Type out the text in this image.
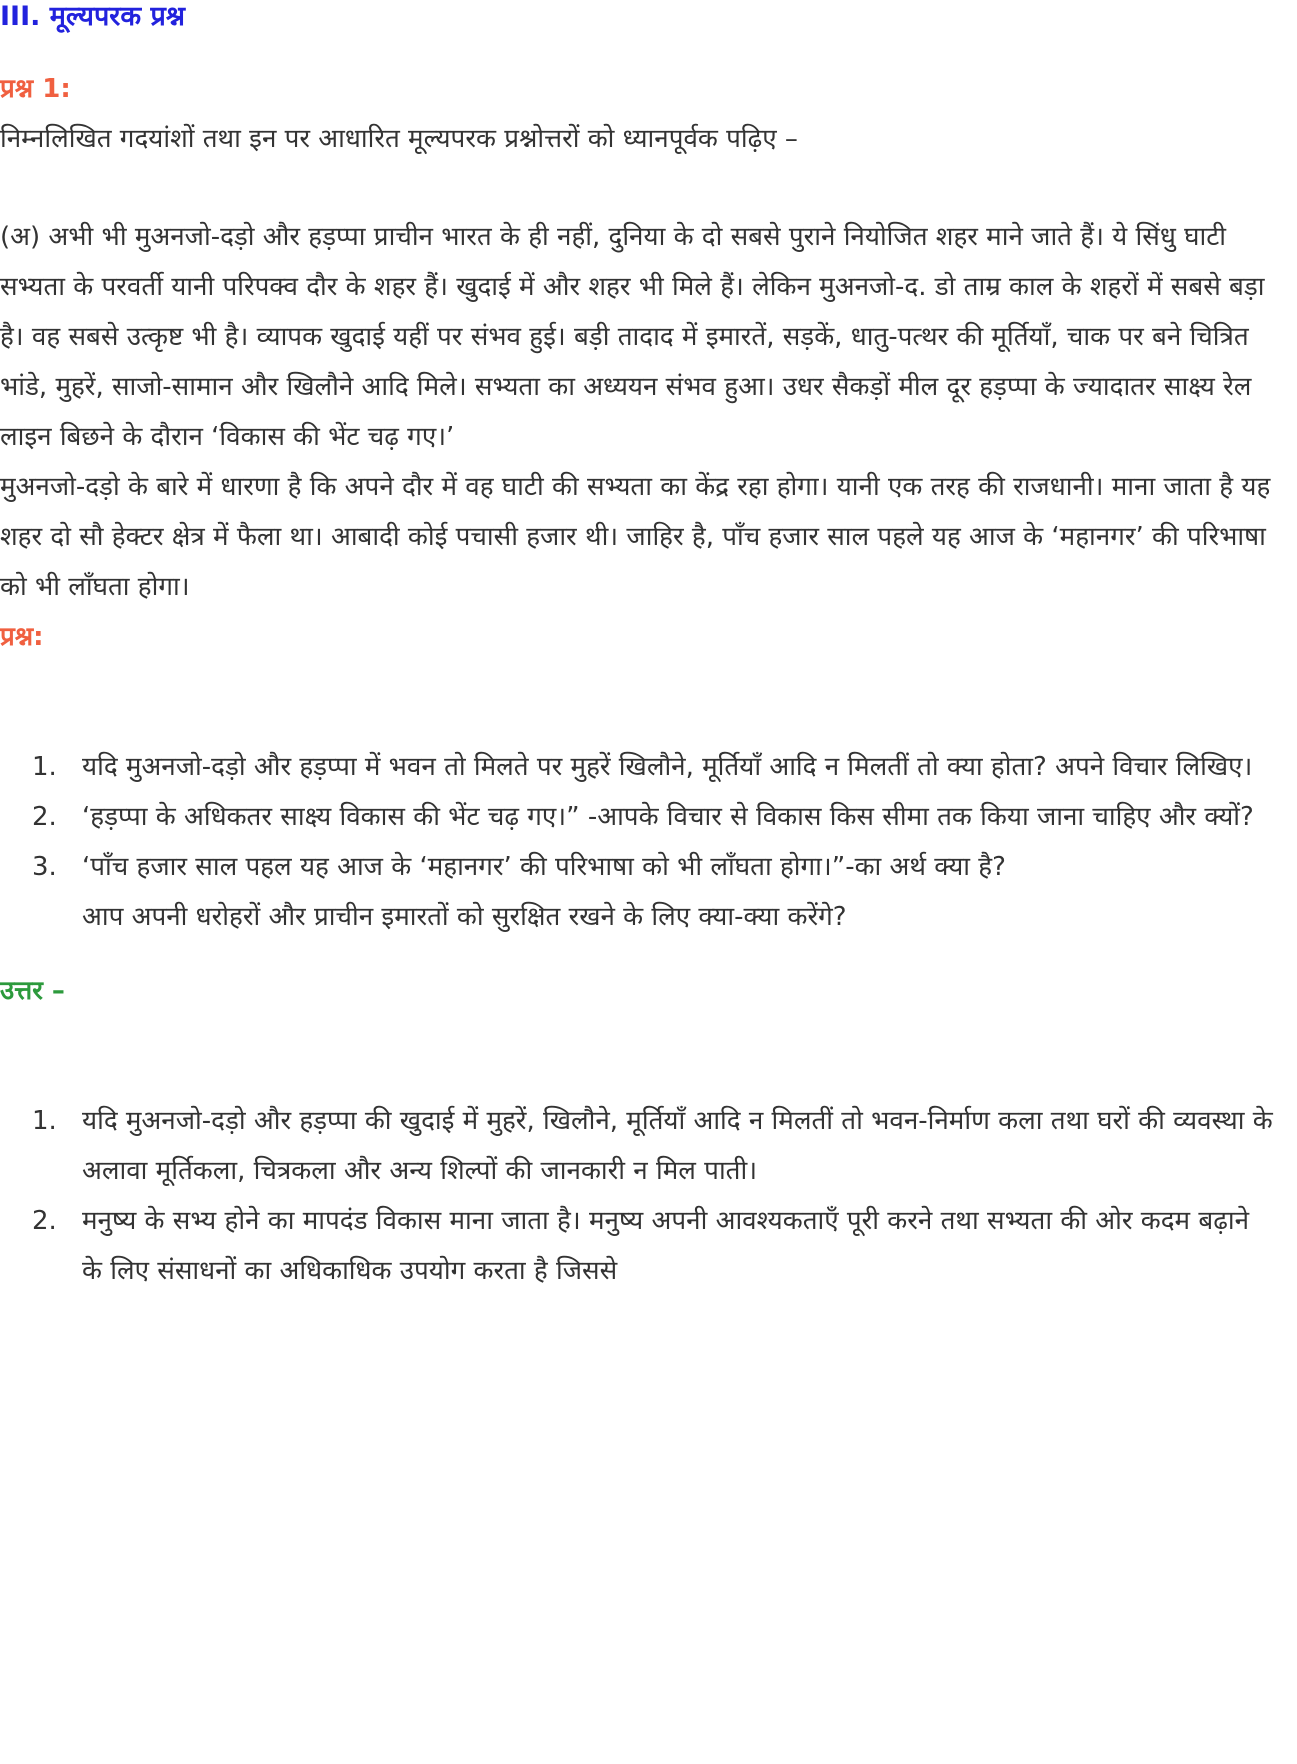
III. मूल्यपरक प्रश्न
प्रश्न 1:

निम्नलिखित गदयांशों तथा इन पर आधारित मूल्यपरक प्रश्नोत्तरों को ध्यानपूर्वक पढ़िए –

(अ) अभी भी मुअनजो-दड़ो और हड़प्पा प्राचीन भारत के ही नहीं, दुनिया के दो सबसे पुराने नियोजित शहर माने जाते हैं। ये सिंधु घाटी सभ्यता के परवर्ती यानी परिपक्व दौर के शहर हैं। खुदाई में और शहर भी मिले हैं। लेकिन मुअनजो-द. डो ताम्र काल के शहरों में सबसे बड़ा है। वह सबसे उत्कृष्ट भी है। व्यापक खुदाई यहीं पर संभव हुई। बड़ी तादाद में इमारतें, सड़कें, धातु-पत्थर की मूर्तियाँ, चाक पर बने चित्रित भांडे, मुहरें, साजो-सामान और खिलौने आदि मिले। सभ्यता का अध्ययन संभव हुआ। उधर सैकड़ों मील दूर हड़प्पा के ज्यादातर साक्ष्य रेल लाइन बिछने के दौरान ‘विकास की भेंट चढ़ गए।’

मुअनजो-दड़ो के बारे में धारणा है कि अपने दौर में वह घाटी की सभ्यता का केंद्र रहा होगा। यानी एक तरह की राजधानी। माना जाता है यह शहर दो सौ हेक्टर क्षेत्र में फैला था। आबादी कोई पचासी हजार थी। जाहिर है, पाँच हजार साल पहले यह आज के ‘महानगर’ की परिभाषा को भी लाँघता होगा।

प्रश्न:
1. यदि मुअनजो-दड़ो और हड़प्पा में भवन तो मिलते पर मुहरें खिलौने, मूर्तियाँ आदि न मिलतीं तो क्या होता? अपने विचार लिखिए।
2. ‘हड़प्पा के अधिकतर साक्ष्य विकास की भेंट चढ़ गए।” -आपके विचार से विकास किस सीमा तक किया जाना चाहिए और क्यों?
3. ‘पाँच हजार साल पहल यह आज के ‘महानगर’ की परिभाषा को भी लाँघता होगा।”-का अर्थ क्या है?

आप अपनी धरोहरों और प्राचीन इमारतों को सुरक्षित रखने के लिए क्या-क्या करेंगे?

उत्तर –
1. यदि मुअनजो-दड़ो और हड़प्पा की खुदाई में मुहरें, खिलौने, मूर्तियाँ आदि न मिलतीं तो भवन-निर्माण कला तथा घरों की व्यवस्था के अलावा मूर्तिकला, चित्रकला और अन्य शिल्पों की जानकारी न मिल पाती।
2. मनुष्य के सभ्य होने का मापदंड विकास माना जाता है। मनुष्य अपनी आवश्यकताएँ पूरी करने तथा सभ्यता की ओर कदम बढ़ाने के लिए संसाधनों का अधिकाधिक उपयोग करता है जिससे
